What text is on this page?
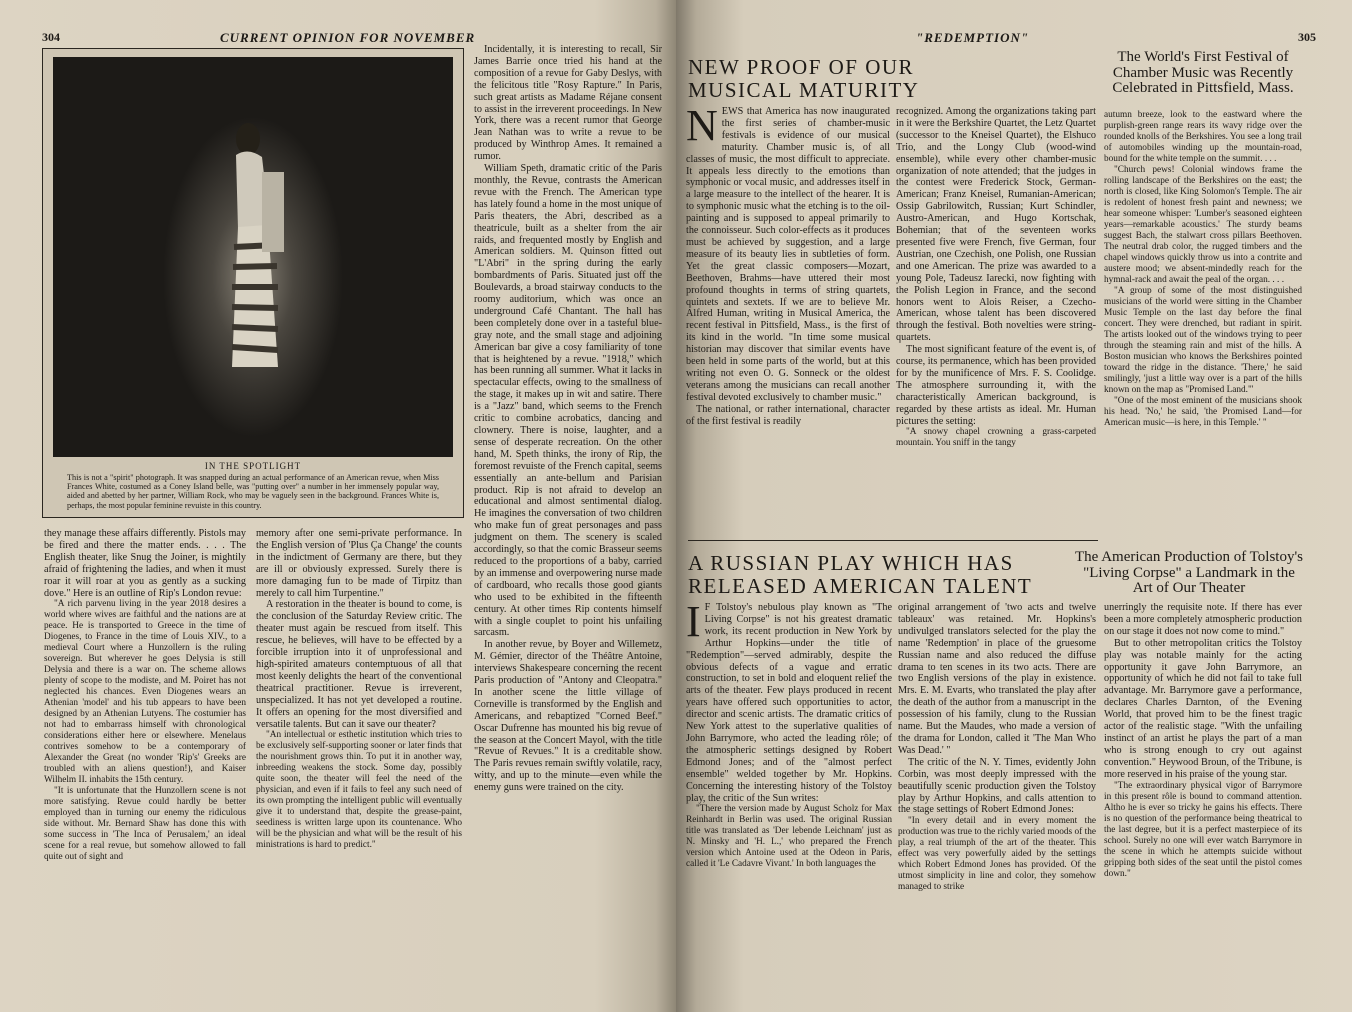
304	CURRENT OPINION FOR NOVEMBER
IN THE SPOTLIGHT
This is not a "spirit" photograph. It was snapped during an actual performance of an American revue, when Miss Frances White, costumed as a Coney Island belle, was "putting over" a number in her immensely popular way, aided and abetted by her partner, William Rock, who may be vaguely seen in the background. Frances White is, perhaps, the most popular feminine revuiste in this country.

Incidentally, it is interesting to recall, Sir James Barrie once tried his hand at the composition of a revue for Gaby Deslys, with the felicitous title "Rosy Rapture." In Paris, such great artists as Madame Réjane consent to assist in the irreverent proceedings. In New York, there was a recent rumor that George Jean Nathan was to write a revue to be produced by Winthrop Ames. It remained a rumor.

William Speth, dramatic critic of the Paris monthly, the Revue, contrasts the American revue with the French. The American type has lately found a home in the most unique of Paris theaters, the Abri, described as a theatricule, built as a shelter from the air raids, and frequented mostly by English and American soldiers. M. Quinson fitted out "L'Abri" in the spring during the early bombardments of Paris. Situated just off the Boulevards, a broad stairway conducts to the roomy auditorium, which was once an underground Café Chantant. The hall has been completely done over in a tasteful blue-gray note, and the small stage and adjoining American bar give a cosy familiarity of tone that is heightened by a revue. "1918," which has been running all summer. What it lacks in spectacular effects, owing to the smallness of the stage, it makes up in wit and satire. There is a "Jazz" band, which seems to the French critic to combine acrobatics, dancing and clownery. There is noise, laughter, and a sense of desperate recreation. On the other hand, M. Speth thinks, the irony of Rip, the foremost revuiste of the French capital, seems essentially an ante-bellum and Parisian product. Rip is not afraid to develop an educational and almost sentimental dialog. He imagines the conversation of two children who make fun of great personages and pass judgment on them. The scenery is scaled accordingly, so that the comic Brasseur seems reduced to the proportions of a baby, carried by an immense and overpowering nurse made of cardboard, who recalls those good giants who used to be exhibited in the fifteenth century. At other times Rip contents himself with a single couplet to point his unfailing sarcasm.

In another revue, by Boyer and Willemetz, M. Gémier, director of the Théâtre Antoine, interviews Shakespeare concerning the recent Paris production of "Antony and Cleopatra." In another scene the little village of Corneville is transformed by the English and Americans, and rebaptized "Corned Beef." Oscar Dufrenne has mounted his big revue of the season at the Concert Mayol, with the title "Revue of Revues." It is a creditable show. The Paris revues remain swiftly volatile, racy, witty, and up to the minute—even while the enemy guns were trained on the city.

they manage these affairs differently. Pistols may be fired and there the matter ends. . . . The English theater, like Snug the Joiner, is mightily afraid of frightening the ladies, and when it must roar it will roar at you as gently as a sucking dove." Here is an outline of Rip's London revue:

"A rich parvenu living in the year 2018 desires a world where wives are faithful and the nations are at peace. He is transported to Greece in the time of Diogenes, to France in the time of Louis XIV., to a medieval Court where a Hunzollern is the ruling sovereign. But wherever he goes Delysia is still Delysia and there is a war on. The scheme allows plenty of scope to the modiste, and M. Poiret has not neglected his chances. Even Diogenes wears an Athenian 'model' and his tub appears to have been designed by an Athenian Lutyens. The costumier has not had to embarrass himself with chronological considerations either here or elsewhere. Menelaus contrives somehow to be a contemporary of Alexander the Great (no wonder 'Rip's' Greeks are troubled with an aliens question!), and Kaiser Wilhelm II. inhabits the 15th century.

"It is unfortunate that the Hunzollern scene is not more satisfying. Revue could hardly be better employed than in turning our enemy the ridiculous side without. Mr. Bernard Shaw has done this with some success in 'The Inca of Perusalem,' an ideal scene for a real revue, but somehow allowed to fall quite out of sight and

memory after one semi-private performance. In the English version of 'Plus Ça Change' the counts in the indictment of Germany are there, but they are ill or obviously expressed. Surely there is more damaging fun to be made of Tirpitz than merely to call him Turpentine."

A restoration in the theater is bound to come, is the conclusion of the Saturday Review critic. The theater must again be rescued from itself. This rescue, he believes, will have to be effected by a forcible irruption into it of unprofessional and high-spirited amateurs contemptuous of all that most keenly delights the heart of the conventional theatrical practitioner. Revue is irreverent, unspecialized. It has not yet developed a routine. It offers an opening for the most diversified and versatile talents. But can it save our theater?

"An intellectual or esthetic institution which tries to be exclusively self-supporting sooner or later finds that the nourishment grows thin. To put it in another way, inbreeding weakens the stock. Some day, possibly quite soon, the theater will feel the need of the physician, and even if it fails to feel any such need of its own prompting the intelligent public will eventually give it to understand that, despite the grease-paint, seediness is written large upon its countenance. Who will be the physician and what will be the result of his ministrations is hard to predict."

"REDEMPTION"	305
NEW PROOF OF OUR
MUSICAL MATURITY
The World's First Festival of Chamber Music was Recently Celebrated in Pittsfield, Mass.

NEWS that America has now inaugurated the first series of chamber-music festivals is evidence of our musical maturity. Chamber music is, of all classes of music, the most difficult to appreciate. It appeals less directly to the emotions than symphonic or vocal music, and addresses itself in a large measure to the intellect of the hearer. It is to symphonic music what the etching is to the oil-painting and is supposed to appeal primarily to the connoisseur. Such color-effects as it produces must be achieved by suggestion, and a large measure of its beauty lies in subtleties of form. Yet the great classic composers—Mozart, Beethoven, Brahms—have uttered their most profound thoughts in terms of string quartets, quintets and sextets. If we are to believe Mr. Alfred Human, writing in Musical America, the recent festival in Pittsfield, Mass., is the first of its kind in the world. "In time some musical historian may discover that similar events have been held in some parts of the world, but at this writing not even O. G. Sonneck or the oldest veterans among the musicians can recall another festival devoted exclusively to chamber music."

The national, or rather international, character of the first festival is readily

recognized. Among the organizations taking part in it were the Berkshire Quartet, the Letz Quartet (successor to the Kneisel Quartet), the Elshuco Trio, and the Longy Club (wood-wind ensemble), while every other chamber-music organization of note attended; that the judges in the contest were Frederick Stock, German-American; Franz Kneisel, Rumanian-American; Ossip Gabrilowitch, Russian; Kurt Schindler, Austro-American, and Hugo Kortschak, Bohemian; that of the seventeen works presented five were French, five German, four Austrian, one Czechish, one Polish, one Russian and one American. The prize was awarded to a young Pole, Tadeusz Iarecki, now fighting with the Polish Legion in France, and the second honors went to Alois Reiser, a Czecho-American, whose talent has been discovered through the festival. Both novelties were string-quartets.

The most significant feature of the event is, of course, its permanence, which has been provided for by the munificence of Mrs. F. S. Coolidge. The atmosphere surrounding it, with the characteristically American background, is regarded by these artists as ideal. Mr. Human pictures the setting:

"A snowy chapel crowning a grass-carpeted mountain. You sniff in the tangy

autumn breeze, look to the eastward where the purplish-green range rears its wavy ridge over the rounded knolls of the Berkshires. You see a long trail of automobiles winding up the mountain-road, bound for the white temple on the summit. . . .

"Church pews! Colonial windows frame the rolling landscape of the Berkshires on the east; the north is closed, like King Solomon's Temple. The air is redolent of honest fresh paint and newness; we hear someone whisper: 'Lumber's seasoned eighteen years—remarkable acoustics.' The sturdy beams suggest Bach, the stalwart cross pillars Beethoven. The neutral drab color, the rugged timbers and the chapel windows quickly throw us into a contrite and austere mood; we absent-mindedly reach for the hymnal-rack and await the peal of the organ. . . .

"A group of some of the most distinguished musicians of the world were sitting in the Chamber Music Temple on the last day before the final concert. They were drenched, but radiant in spirit. The artists looked out of the windows trying to peer through the steaming rain and mist of the hills. A Boston musician who knows the Berkshires pointed toward the ridge in the distance. 'There,' he said smilingly, 'just a little way over is a part of the hills known on the map as "Promised Land."'

"One of the most eminent of the musicians shook his head. 'No,' he said, 'the Promised Land—for American music—is here, in this Temple.' "

A RUSSIAN PLAY WHICH HAS
RELEASED AMERICAN TALENT
The American Production of Tolstoy's "Living Corpse" a Landmark in the Art of Our Theater

I F Tolstoy's nebulous play known as "The Living Corpse" is not his greatest dramatic work, its recent production in New York by Arthur Hopkins—under the title of "Redemption"—served admirably, despite the obvious defects of a vague and erratic construction, to set in bold and eloquent relief the arts of the theater. Few plays produced in recent years have offered such opportunities to actor, director and scenic artists. The dramatic critics of New York attest to the superlative qualities of John Barrymore, who acted the leading rôle; of the atmospheric settings designed by Robert Edmond Jones; and of the "almost perfect ensemble" welded together by Mr. Hopkins. Concerning the interesting history of the Tolstoy play, the critic of the Sun writes:

"There the version made by August Scholz for Max Reinhardt in Berlin was used. The original Russian title was translated as 'Der lebende Leichnam' just as N. Minsky and 'H. L.,' who prepared the French version which Antoine used at the Odeon in Paris, called it 'Le Cadavre Vivant.' In both languages the

original arrangement of 'two acts and twelve tableaux' was retained. Mr. Hopkins's undivulged translators selected for the play the name 'Redemption' in place of the gruesome Russian name and also reduced the diffuse drama to ten scenes in its two acts. There are two English versions of the play in existence. Mrs. E. M. Evarts, who translated the play after the death of the author from a manuscript in the possession of his family, clung to the Russian name. But the Maudes, who made a version of the drama for London, called it 'The Man Who Was Dead.' "

The critic of the N. Y. Times, evidently John Corbin, was most deeply impressed with the beautifully scenic production given the Tolstoy play by Arthur Hopkins, and calls attention to the stage settings of Robert Edmond Jones:

"In every detail and in every moment the production was true to the richly varied moods of the play, a real triumph of the art of the theater. This effect was very powerfully aided by the settings which Robert Edmond Jones has provided. Of the utmost simplicity in line and color, they somehow managed to strike

unerringly the requisite note. If there has ever been a more completely atmospheric production on our stage it does not now come to mind."

But to other metropolitan critics the Tolstoy play was notable mainly for the acting opportunity it gave John Barrymore, an opportunity of which he did not fail to take full advantage. Mr. Barrymore gave a performance, declares Charles Darnton, of the Evening World, that proved him to be the finest tragic actor of the realistic stage. "With the unfailing instinct of an artist he plays the part of a man who is strong enough to cry out against convention." Heywood Broun, of the Tribune, is more reserved in his praise of the young star.

"The extraordinary physical vigor of Barrymore in this present rôle is bound to command attention. Altho he is ever so tricky he gains his effects. There is no question of the performance being theatrical to the last degree, but it is a perfect masterpiece of its school. Surely no one will ever watch Barrymore in the scene in which he attempts suicide without gripping both sides of the seat until the pistol comes down."
